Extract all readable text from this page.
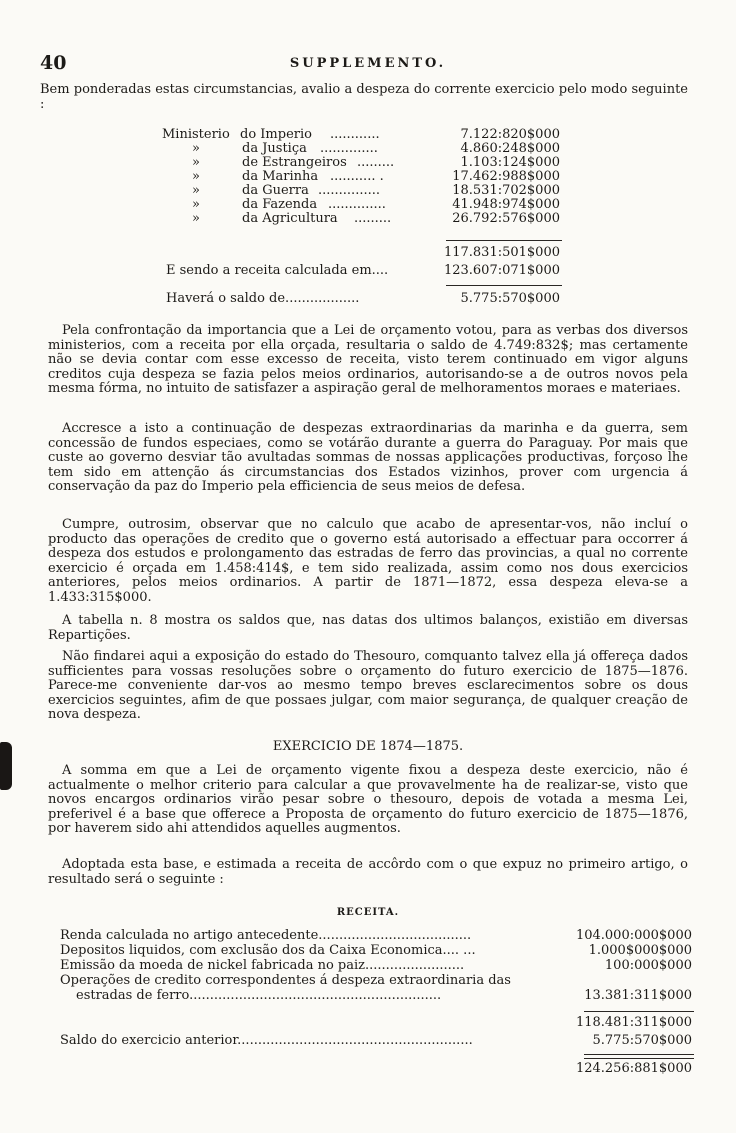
40	SUPPLEMENTO.

Bem ponderadas estas circumstancias, avalio a despeza do corrente exercicio pelo modo seguinte :

Ministerio do Imperio ............	7.122:820$000
»	da Justiça ..............	4.860:248$000
»	de Estrangeiros .........	1.103:124$000
»	da Marinha ........... .	17.462:988$000
»	da Guerra ...............	18.531:702$000
»	da Fazenda ..............	41.948:974$000
»	da Agricultura .........	26.792:576$000
117.831:501$000
E sendo a receita calculada em....	123.607:071$000
Haverá o saldo de..................	5.775:570$000

Pela confrontação da importancia que a Lei de orçamento votou, para as verbas dos diversos ministerios, com a receita por ella orçada, resultaria o saldo de 4.749:832$; mas certamente não se devia contar com esse excesso de receita, visto terem continuado em vigor alguns creditos cuja despeza se fazia pelos meios ordinarios, autorisando-se a de outros novos pela mesma fórma, no intuito de satisfazer a aspiração geral de melhoramentos moraes e materiaes.

Accresce a isto a continuação de despezas extraordinarias da marinha e da guerra, sem concessão de fundos especiaes, como se votárão durante a guerra do Paraguay. Por mais que custe ao governo desviar tão avultadas sommas de nossas applicações productivas, forçoso lhe tem sido em attenção ás circumstancias dos Estados vizinhos, prover com urgencia á conservação da paz do Imperio pela efficiencia de seus meios de defesa.

Cumpre, outrosim, observar que no calculo que acabo de apresentar-vos, não incluí o producto das operações de credito que o governo está autorisado a effectuar para occorrer á despeza dos estudos e prolongamento das estradas de ferro das provincias, a qual no corrente exercicio é orçada em 1.458:414$, e tem sido realizada, assim como nos dous exercicios anteriores, pelos meios ordinarios. A partir de 1871—1872, essa despeza eleva-se a 1.433:315$000.

A tabella n. 8 mostra os saldos que, nas datas dos ultimos balanços, existião em diversas Repartições.

Não findarei aqui a exposição do estado do Thesouro, comquanto talvez ella já offereça dados sufficientes para vossas resoluções sobre o orçamento do futuro exercicio de 1875—1876. Parece-me conveniente dar-vos ao mesmo tempo breves esclarecimentos sobre os dous exercicios seguintes, afim de que possaes julgar, com maior segurança, de qualquer creação de nova despeza.

EXERCICIO DE 1874—1875.

A somma em que a Lei de orçamento vigente fixou a despeza deste exercicio, não é actualmente o melhor criterio para calcular a que provavelmente ha de realizar-se, visto que novos encargos ordinarios virão pesar sobre o thesouro, depois de votada a mesma Lei, preferivel é a base que offerece a Proposta de orçamento do futuro exercicio de 1875—1876, por haverem sido ahi attendidos aquelles augmentos.

Adoptada esta base, e estimada a receita de accôrdo com o que expuz no primeiro artigo, o resultado será o seguinte :

RECEITA.
Renda calculada no artigo antecedente.....................................	104.000:000$000
Depositos liquidos, com exclusão dos da Caixa Economica.... ...	1.000$000$000
Emissão da moeda de nickel fabricada no paiz........................	100:000$000
Operações de credito correspondentes á despeza extraordinaria das
estradas de ferro.............................................................	13.381:311$000
118.481:311$000
Saldo do exercicio anterior.........................................................	5.775:570$000
124.256:881$000
